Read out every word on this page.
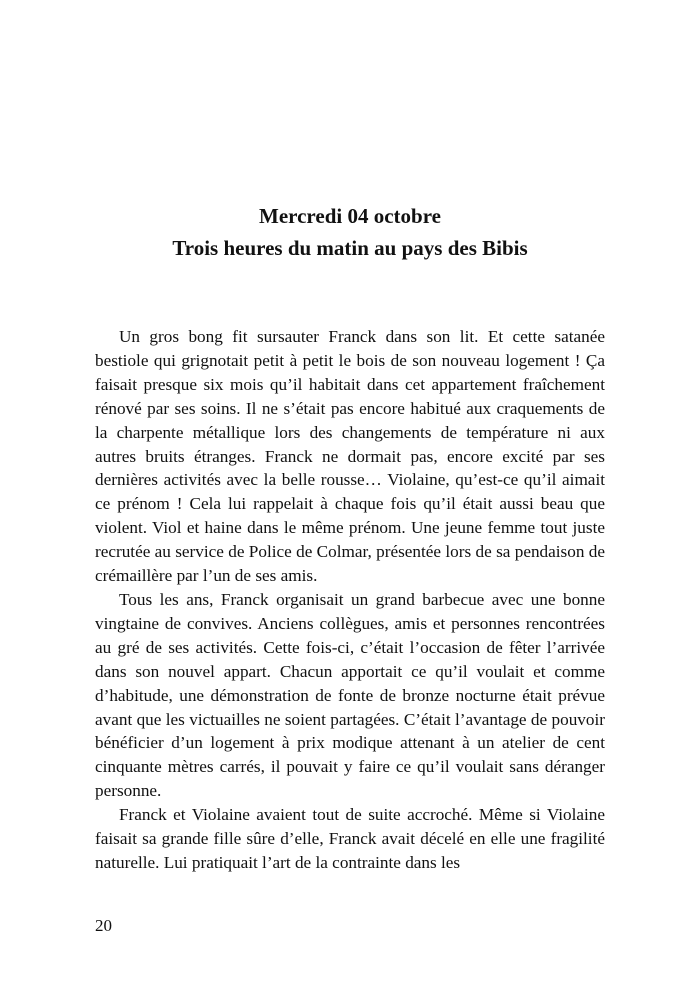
Mercredi 04 octobre
Trois heures du matin au pays des Bibis

Un gros bong fit sursauter Franck dans son lit. Et cette satanée bestiole qui grignotait petit à petit le bois de son nouveau logement ! Ça faisait presque six mois qu’il habitait dans cet appartement fraîchement rénové par ses soins. Il ne s’était pas encore habitué aux craquements de la charpente métallique lors des changements de température ni aux autres bruits étranges. Franck ne dormait pas, encore excité par ses dernières activités avec la belle rousse… Violaine, qu’est-ce qu’il aimait ce prénom ! Cela lui rappelait à chaque fois qu’il était aussi beau que violent. Viol et haine dans le même prénom. Une jeune femme tout juste recrutée au service de Police de Colmar, présentée lors de sa pendaison de crémaillère par l’un de ses amis.

Tous les ans, Franck organisait un grand barbecue avec une bonne vingtaine de convives. Anciens collègues, amis et personnes rencontrées au gré de ses activités. Cette fois-ci, c’était l’occasion de fêter l’arrivée dans son nouvel appart. Chacun apportait ce qu’il voulait et comme d’habitude, une démonstration de fonte de bronze nocturne était prévue avant que les victuailles ne soient partagées. C’était l’avantage de pouvoir bénéficier d’un logement à prix modique attenant à un atelier de cent cinquante mètres carrés, il pouvait y faire ce qu’il voulait sans déranger personne.

Franck et Violaine avaient tout de suite accroché. Même si Violaine faisait sa grande fille sûre d’elle, Franck avait décelé en elle une fragilité naturelle. Lui pratiquait l’art de la contrainte dans les

20
